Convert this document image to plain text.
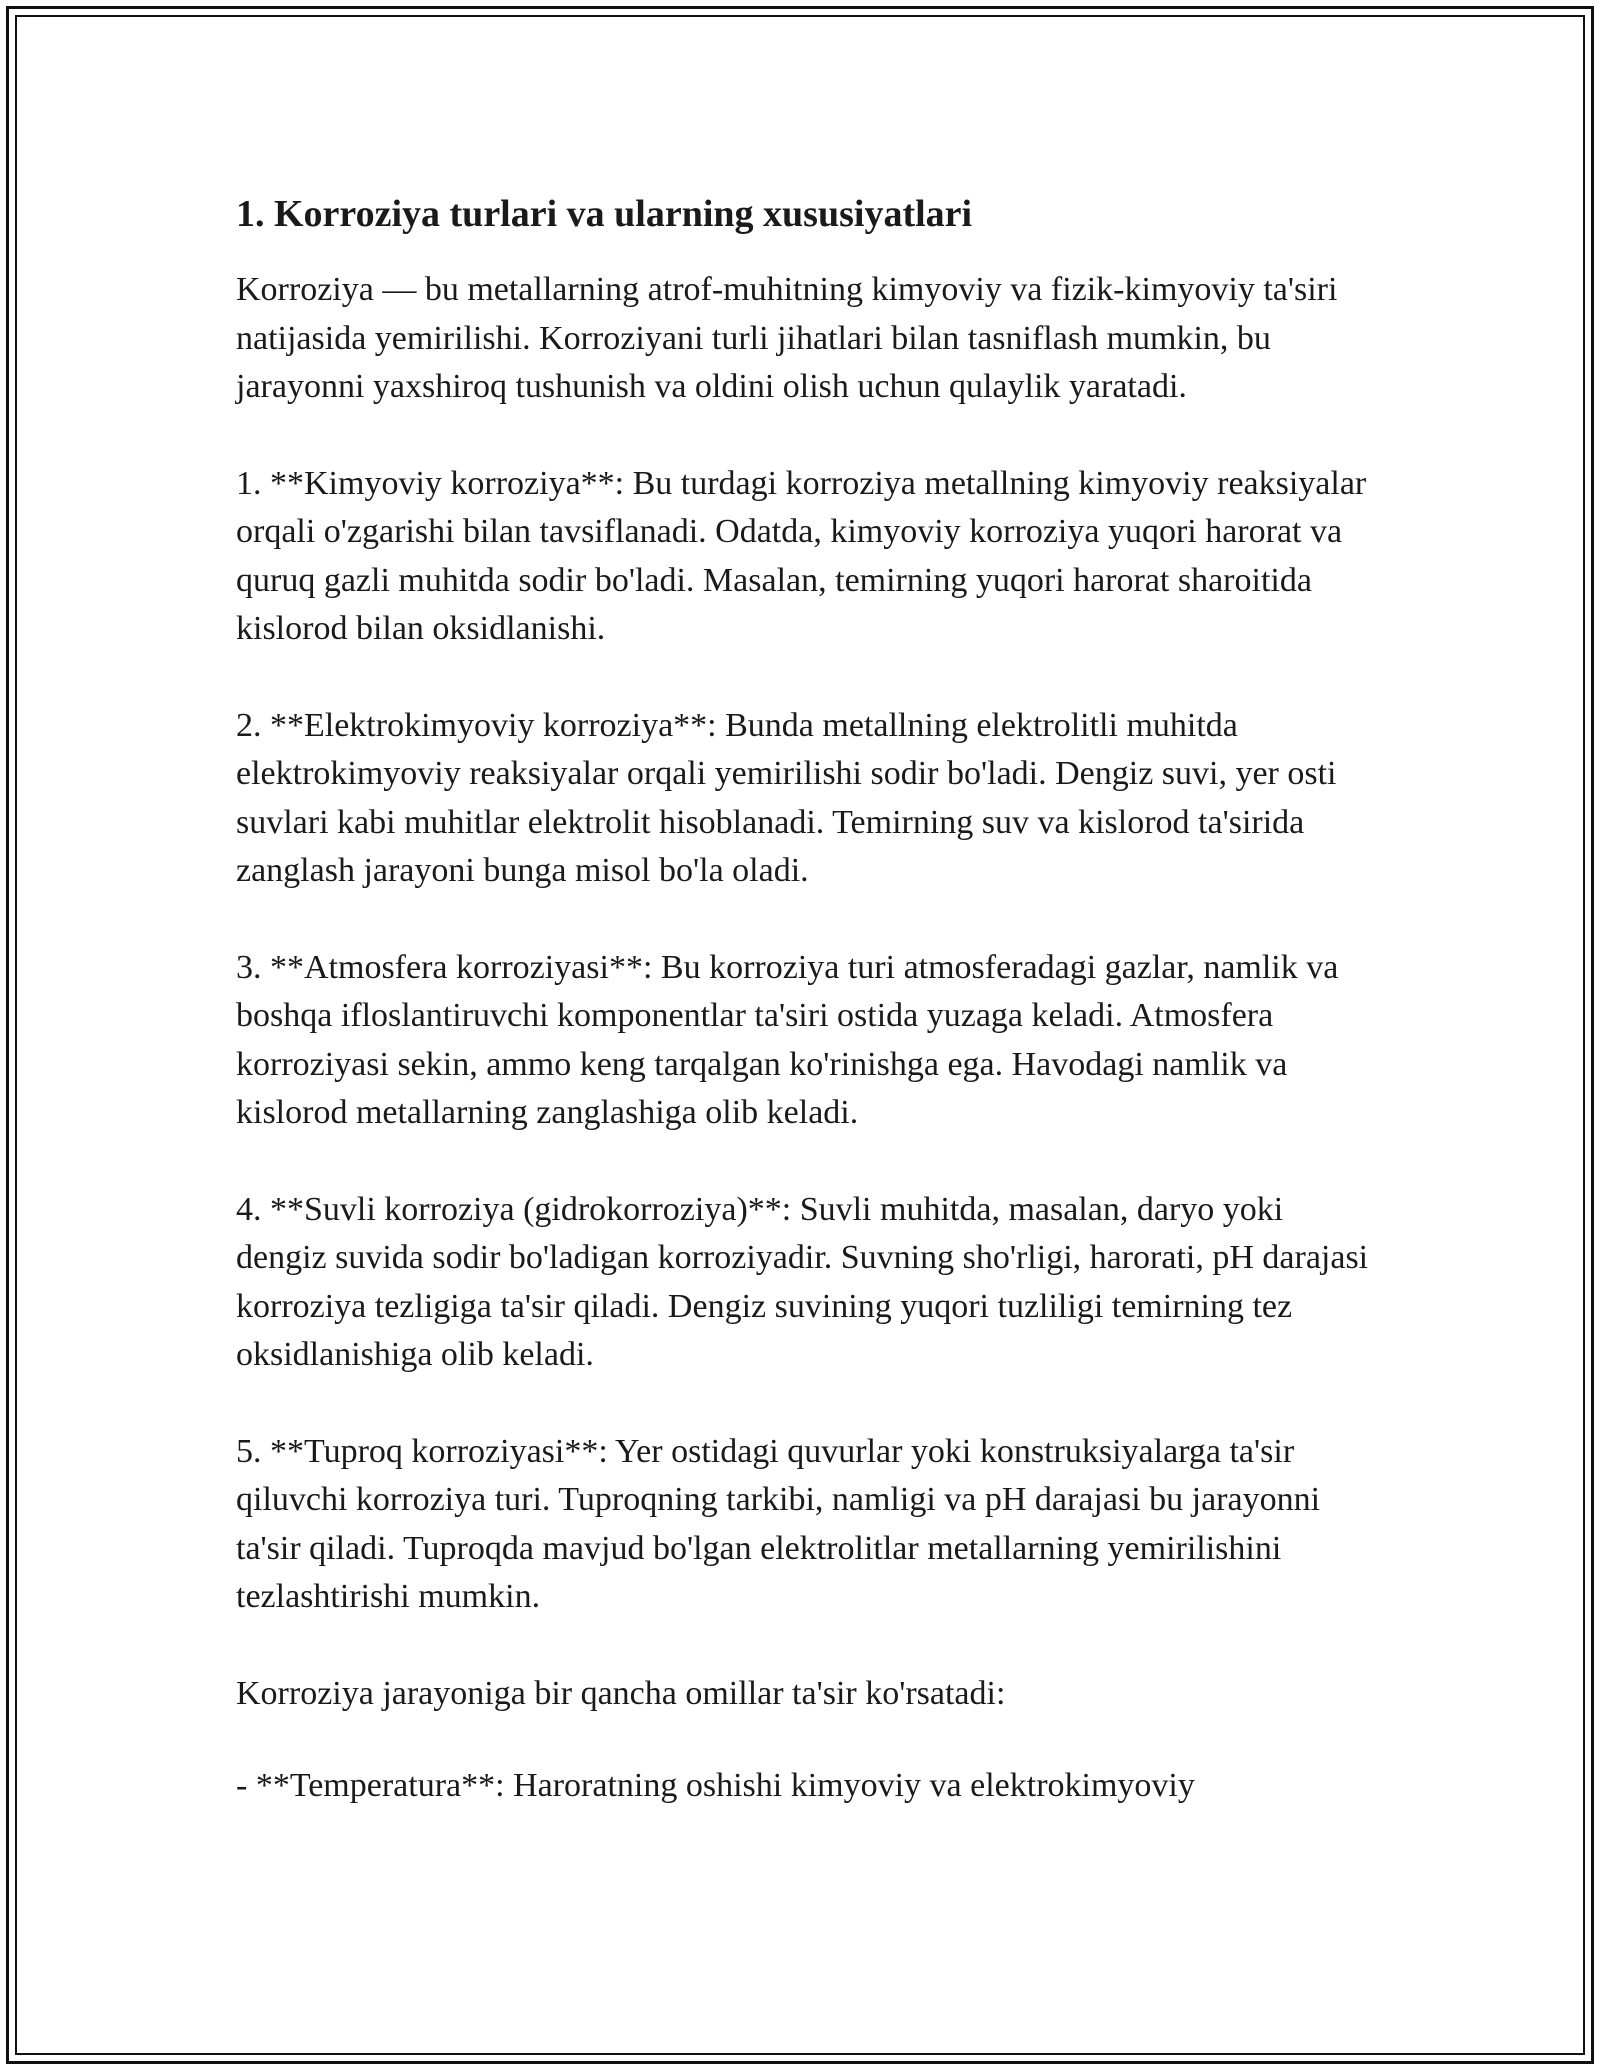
1. Korroziya turlari va ularning xususiyatlari

Korroziya — bu metallarning atrof-muhitning kimyoviy va fizik-kimyoviy ta'siri natijasida yemirilishi. Korroziyani turli jihatlari bilan tasniflash mumkin, bu jarayonni yaxshiroq tushunish va oldini olish uchun qulaylik yaratadi.

1. **Kimyoviy korroziya**: Bu turdagi korroziya metallning kimyoviy reaksiyalar orqali o'zgarishi bilan tavsiflanadi. Odatda, kimyoviy korroziya yuqori harorat va quruq gazli muhitda sodir bo'ladi. Masalan, temirning yuqori harorat sharoitida kislorod bilan oksidlanishi.

2. **Elektrokimyoviy korroziya**: Bunda metallning elektrolitli muhitda elektrokimyoviy reaksiyalar orqali yemirilishi sodir bo'ladi. Dengiz suvi, yer osti suvlari kabi muhitlar elektrolit hisoblanadi. Temirning suv va kislorod ta'sirida zanglash jarayoni bunga misol bo'la oladi.

3. **Atmosfera korroziyasi**: Bu korroziya turi atmosferadagi gazlar, namlik va boshqa ifloslantiruvchi komponentlar ta'siri ostida yuzaga keladi. Atmosfera korroziyasi sekin, ammo keng tarqalgan ko'rinishga ega. Havodagi namlik va kislorod metallarning zanglashiga olib keladi.

4. **Suvli korroziya (gidrokorroziya)**: Suvli muhitda, masalan, daryo yoki dengiz suvida sodir bo'ladigan korroziyadir. Suvning sho'rligi, harorati, pH darajasi korroziya tezligiga ta'sir qiladi. Dengiz suvining yuqori tuzliligi temirning tez oksidlanishiga olib keladi.

5. **Tuproq korroziyasi**: Yer ostidagi quvurlar yoki konstruksiyalarga ta'sir qiluvchi korroziya turi. Tuproqning tarkibi, namligi va pH darajasi bu jarayonni ta'sir qiladi. Tuproqda mavjud bo'lgan elektrolitlar metallarning yemirilishini tezlashtirishi mumkin.

Korroziya jarayoniga bir qancha omillar ta'sir ko'rsatadi:

- **Temperatura**: Haroratning oshishi kimyoviy va elektrokimyoviy
